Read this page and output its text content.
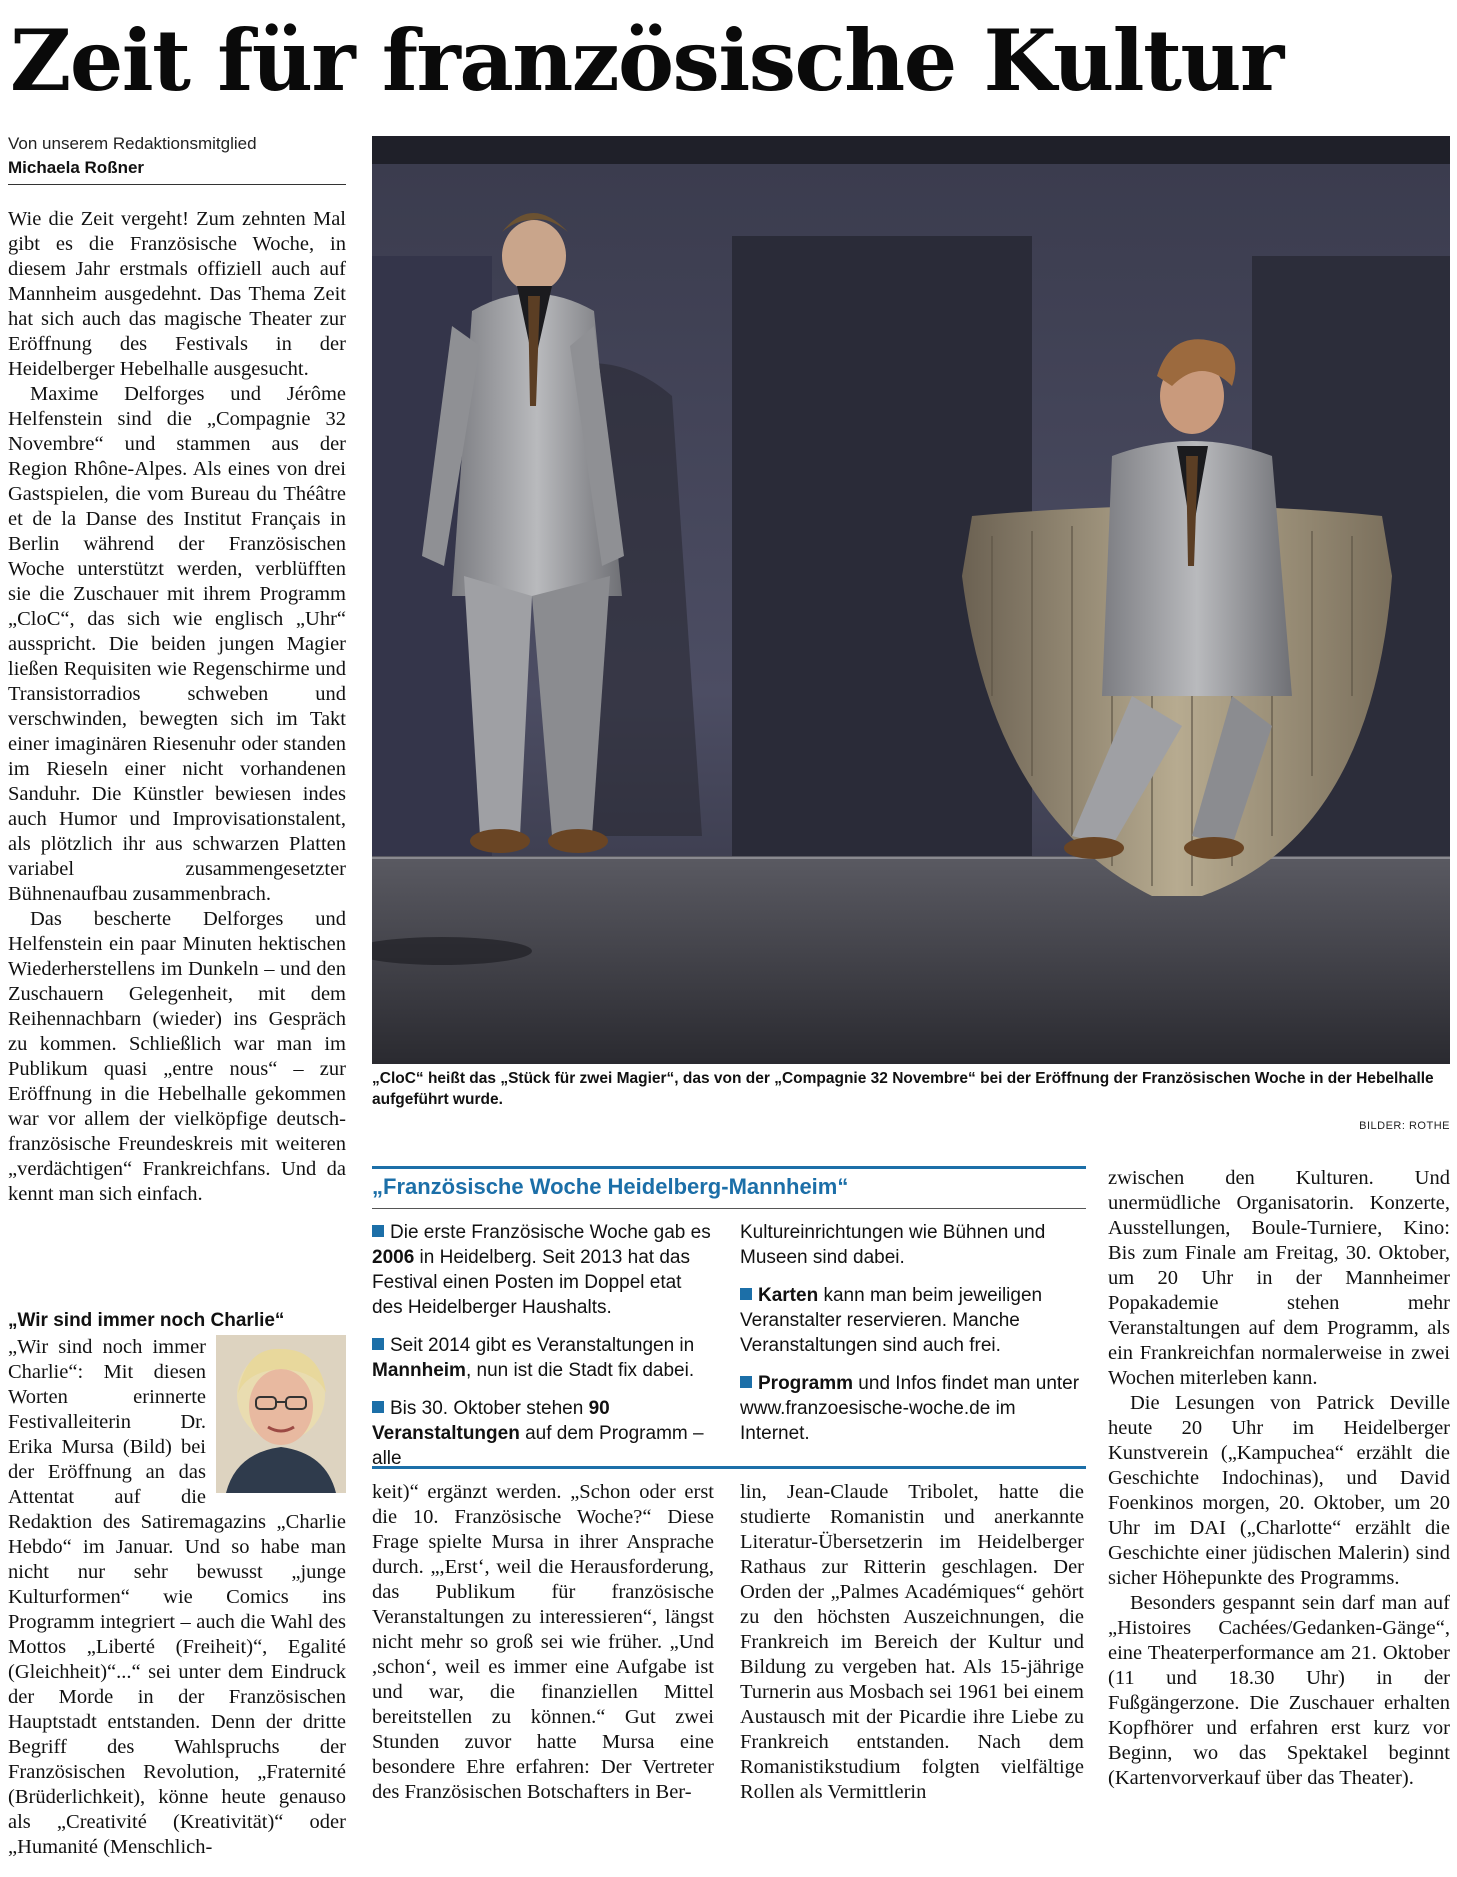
Zeit für französische Kultur
Von unserem Redaktionsmitglied
Michaela Roßner

Wie die Zeit vergeht! Zum zehnten Mal gibt es die Französische Woche, in diesem Jahr erstmals offiziell auch auf Mannheim ausgedehnt. Das Thema Zeit hat sich auch das magische Theater zur Eröffnung des Festivals in der Heidelberger Hebelhalle ausgesucht.

Maxime Delforges und Jérôme Helfenstein sind die „Compagnie 32 Novembre“ und stammen aus der Region Rhône-Alpes. Als eines von drei Gastspielen, die vom Bureau du Théâtre et de la Danse des Institut Français in Berlin während der Französischen Woche unterstützt werden, verblüfften sie die Zuschauer mit ihrem Programm „CloC“, das sich wie englisch „Uhr“ ausspricht. Die beiden jungen Magier ließen Requisiten wie Regenschirme und Transistorradios schweben und verschwinden, bewegten sich im Takt einer imaginären Riesenuhr oder standen im Rieseln einer nicht vorhandenen Sanduhr. Die Künstler bewiesen indes auch Humor und Improvisationstalent, als plötzlich ihr aus schwarzen Platten variabel zusammengesetzter Bühnenaufbau zusammenbrach.

Das bescherte Delforges und Helfenstein ein paar Minuten hektischen Wiederherstellens im Dunkeln – und den Zuschauern Gelegenheit, mit dem Reihennachbarn (wieder) ins Gespräch zu kommen. Schließlich war man im Publikum quasi „entre nous“ – zur Eröffnung in die Hebelhalle gekommen war vor allem der vielköpfige deutsch-französische Freundeskreis mit weiteren „verdächtigen“ Frankreichfans. Und da kennt man sich einfach.

„Wir sind immer noch Charlie“

„Wir sind noch immer Charlie“: Mit diesen Worten erinnerte Festivalleiterin Dr. Erika Mursa (Bild) bei der Eröffnung an das Attentat auf die Redaktion des Satiremagazins „Charlie Hebdo“ im Januar. Und so habe man nicht nur sehr bewusst „junge Kulturformen“ wie Comics ins Programm integriert – auch die Wahl des Mottos „Liberté (Freiheit)“, Egalité (Gleichheit)“...“ sei unter dem Eindruck der Morde in der Französischen Hauptstadt entstanden. Denn der dritte Begriff des Wahlspruchs der Französischen Revolution, „Fraternité (Brüderlichkeit), könne heute genauso als „Creativité (Kreativität)“ oder „Humanité (Menschlich-

„CloC“ heißt das „Stück für zwei Magier“, das von der „Compagnie 32 Novembre“ bei der Eröffnung der Französischen Woche in der Hebelhalle aufgeführt wurde.
BILDER: ROTHE
„Französische Woche Heidelberg-Mannheim“

Die erste Französische Woche gab es 2006 in Heidelberg. Seit 2013 hat das Festival einen Posten im Doppel etat des Heidelberger Haushalts.

Seit 2014 gibt es Veranstaltungen in Mannheim, nun ist die Stadt fix dabei.

Bis 30. Oktober stehen 90 Veranstaltungen auf dem Programm – alle

Kultureinrichtungen wie Bühnen und Museen sind dabei.

Karten kann man beim jeweiligen Veranstalter reservieren. Manche Veranstaltungen sind auch frei.

Programm und Infos findet man unter www.franzoesische-woche.de im Internet.

keit)“ ergänzt werden. „Schon oder erst die 10. Französische Woche?“ Diese Frage spielte Mursa in ihrer Ansprache durch. „,Erst‘, weil die Herausforderung, das Publikum für französische Veranstaltungen zu interessieren“, längst nicht mehr so groß sei wie früher. „Und ,schon‘, weil es immer eine Aufgabe ist und war, die finanziellen Mittel bereitstellen zu können.“ Gut zwei Stunden zuvor hatte Mursa eine besondere Ehre erfahren: Der Vertreter des Französischen Botschafters in Ber-

lin, Jean-Claude Tribolet, hatte die studierte Romanistin und anerkannte Literatur-Übersetzerin im Heidelberger Rathaus zur Ritterin geschlagen. Der Orden der „Palmes Académiques“ gehört zu den höchsten Auszeichnungen, die Frankreich im Bereich der Kultur und Bildung zu vergeben hat. Als 15-jährige Turnerin aus Mosbach sei 1961 bei einem Austausch mit der Picardie ihre Liebe zu Frankreich entstanden. Nach dem Romanistikstudium folgten vielfältige Rollen als Vermittlerin

zwischen den Kulturen. Und unermüdliche Organisatorin. Konzerte, Ausstellungen, Boule-Turniere, Kino: Bis zum Finale am Freitag, 30. Oktober, um 20 Uhr in der Mannheimer Popakademie stehen mehr Veranstaltungen auf dem Programm, als ein Frankreichfan normalerweise in zwei Wochen miterleben kann.

Die Lesungen von Patrick Deville heute 20 Uhr im Heidelberger Kunstverein („Kampuchea“ erzählt die Geschichte Indochinas), und David Foenkinos morgen, 20. Oktober, um 20 Uhr im DAI („Charlotte“ erzählt die Geschichte einer jüdischen Malerin) sind sicher Höhepunkte des Programms.

Besonders gespannt sein darf man auf „Histoires Cachées/Gedanken-Gänge“, eine Theaterperformance am 21. Oktober (11 und 18.30 Uhr) in der Fußgängerzone. Die Zuschauer erhalten Kopfhörer und erfahren erst kurz vor Beginn, wo das Spektakel beginnt (Kartenvorverkauf über das Theater).
